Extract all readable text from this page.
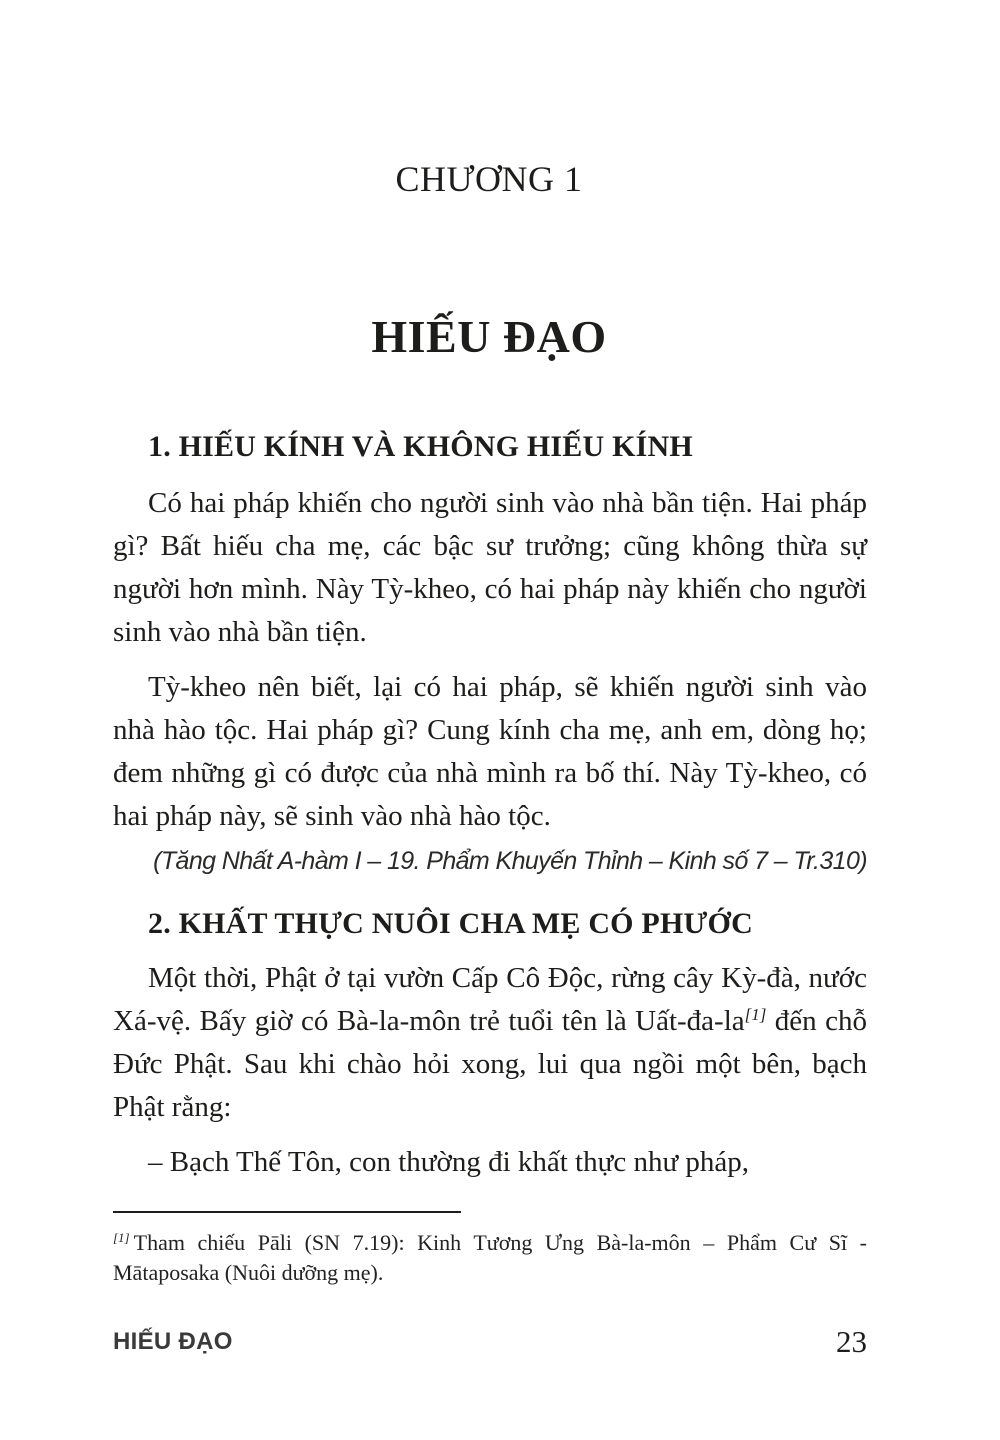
CHƯƠNG 1
HIẾU ĐẠO
1. HIẾU KÍNH VÀ KHÔNG HIẾU KÍNH

Có hai pháp khiến cho người sinh vào nhà bần tiện. Hai pháp gì? Bất hiếu cha mẹ, các bậc sư trưởng; cũng không thừa sự người hơn mình. Này Tỳ-kheo, có hai pháp này khiến cho người sinh vào nhà bần tiện.

Tỳ-kheo nên biết, lại có hai pháp, sẽ khiến người sinh vào nhà hào tộc. Hai pháp gì? Cung kính cha mẹ, anh em, dòng họ; đem những gì có được của nhà mình ra bố thí. Này Tỳ-kheo, có hai pháp này, sẽ sinh vào nhà hào tộc.

(Tăng Nhất A-hàm I – 19. Phẩm Khuyến Thỉnh – Kinh số 7 – Tr.310)
2. KHẤT THỰC NUÔI CHA MẸ CÓ PHƯỚC

Một thời, Phật ở tại vườn Cấp Cô Độc, rừng cây Kỳ-đà, nước Xá-vệ. Bấy giờ có Bà-la-môn trẻ tuổi tên là Uất-đa-la[1] đến chỗ Đức Phật. Sau khi chào hỏi xong, lui qua ngồi một bên, bạch Phật rằng:

– Bạch Thế Tôn, con thường đi khất thực như pháp,

[1] Tham chiếu Pāli (SN 7.19): Kinh Tương Ưng Bà-la-môn – Phẩm Cư Sĩ - Mātaposaka (Nuôi dưỡng mẹ).
HIẾU ĐẠO	23
